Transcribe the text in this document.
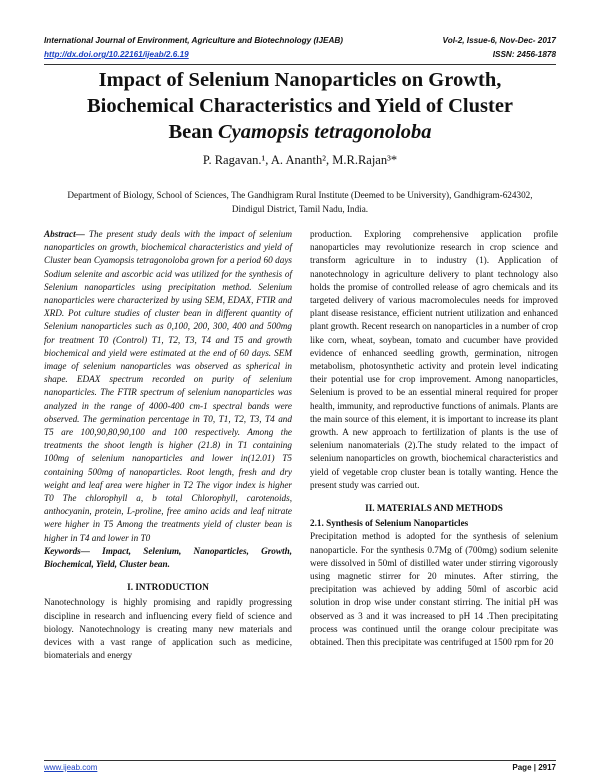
International Journal of Environment, Agriculture and Biotechnology (IJEAB)	Vol-2, Issue-6, Nov-Dec- 2017
http://dx.doi.org/10.22161/ijeab/2.6.19	ISSN: 2456-1878
Impact of Selenium Nanoparticles on Growth,
Biochemical Characteristics and Yield of Cluster
Bean Cyamopsis tetragonoloba
P. Ragavan.¹, A. Ananth², M.R.Rajan³*
Department of Biology, School of Sciences, The Gandhigram Rural Institute (Deemed to be University), Gandhigram-624302,
Dindigul District, Tamil Nadu, India.

Abstract— The present study deals with the impact of selenium nanoparticles on growth, biochemical characteristics and yield of Cluster bean Cyamopsis tetragonoloba grown for a period 60 days Sodium selenite and ascorbic acid was utilized for the synthesis of Selenium nanoparticles using precipitation method. Selenium nanoparticles were characterized by using SEM, EDAX, FTIR and XRD. Pot culture studies of cluster bean in different quantity of Selenium nanoparticles such as 0,100, 200, 300, 400 and 500mg for treatment T0 (Control) T1, T2, T3, T4 and T5 and growth biochemical and yield were estimated at the end of 60 days. SEM image of selenium nanoparticles was observed as spherical in shape. EDAX spectrum recorded on purity of selenium nanoparticles. The FTIR spectrum of selenium nanoparticles was analyzed in the range of 4000-400 cm-1 spectral bands were observed. The germination percentage in T0, T1, T2, T3, T4 and T5 are 100,90,80,90,100 and 100 respectively. Among the treatments the shoot length is higher (21.8) in T1 containing 100mg of selenium nanoparticles and lower in(12.01) T5 containing 500mg of nanoparticles. Root length, fresh and dry weight and leaf area were higher in T2 The vigor index is higher T0 The chlorophyll a, b total Chlorophyll, carotenoids, anthocyanin, protein, L-proline, free amino acids and leaf nitrate were higher in T5 Among the treatments yield of cluster bean is higher in T4 and lower in T0

Keywords— Impact, Selenium, Nanoparticles, Growth, Biochemical, Yield, Cluster bean.

I. INTRODUCTION

Nanotechnology is highly promising and rapidly progressing discipline in research and influencing every field of science and biology. Nanotechnology is creating many new materials and devices with a vast range of application such as medicine, biomaterials and energy

production. Exploring comprehensive application profile nanoparticles may revolutionize research in crop science and transform agriculture in to industry (1). Application of nanotechnology in agriculture delivery to plant technology also holds the promise of controlled release of agro chemicals and its targeted delivery of various macromolecules needs for improved plant disease resistance, efficient nutrient utilization and enhanced plant growth. Recent research on nanoparticles in a number of crop like corn, wheat, soybean, tomato and cucumber have provided evidence of enhanced seedling growth, germination, nitrogen metabolism, photosynthetic activity and protein level indicating their potential use for crop improvement. Among nanoparticles, Selenium is proved to be an essential mineral required for proper health, immunity, and reproductive functions of animals. Plants are the main source of this element, it is important to increase its plant growth. A new approach to fertilization of plants is the use of selenium nanomaterials (2).The study related to the impact of selenium nanoparticles on growth, biochemical characteristics and yield of vegetable crop cluster bean is totally wanting. Hence the present study was carried out.

II. MATERIALS AND METHODS

2.1. Synthesis of Selenium Nanoparticles

Precipitation method is adopted for the synthesis of selenium nanoparticle. For the synthesis 0.7Mg of (700mg) sodium selenite were dissolved in 50ml of distilled water under stirring vigorously using magnetic stirrer for 20 minutes. After stirring, the precipitation was achieved by adding 50ml of ascorbic acid solution in drop wise under constant stirring. The initial pH was observed as 3 and it was increased to pH 14 .Then precipitating process was continued until the orange colour precipitate was obtained. Then this precipitate was centrifuged at 1500 rpm for 20

www.ijeab.com	Page | 2917
